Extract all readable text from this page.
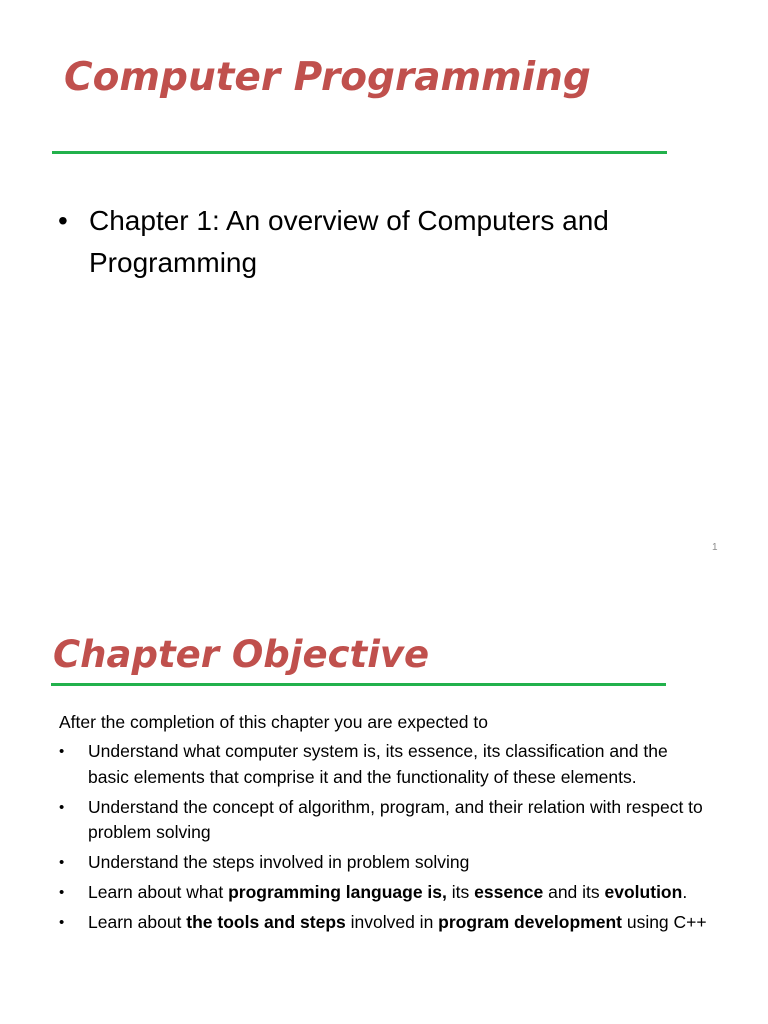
Computer Programming
• Chapter 1: An overview of Computers and Programming
1
Chapter Objective

After the completion of this chapter you are expected to

•	Understand what computer system is, its essence, its classification and the basic elements that comprise it and the functionality of these elements.
•	Understand the concept of algorithm, program, and their relation with respect to problem solving
•	Understand the steps involved in problem solving
•	Learn about what programming language is, its essence and its evolution.
•	Learn about the tools and steps involved in program development using C++
